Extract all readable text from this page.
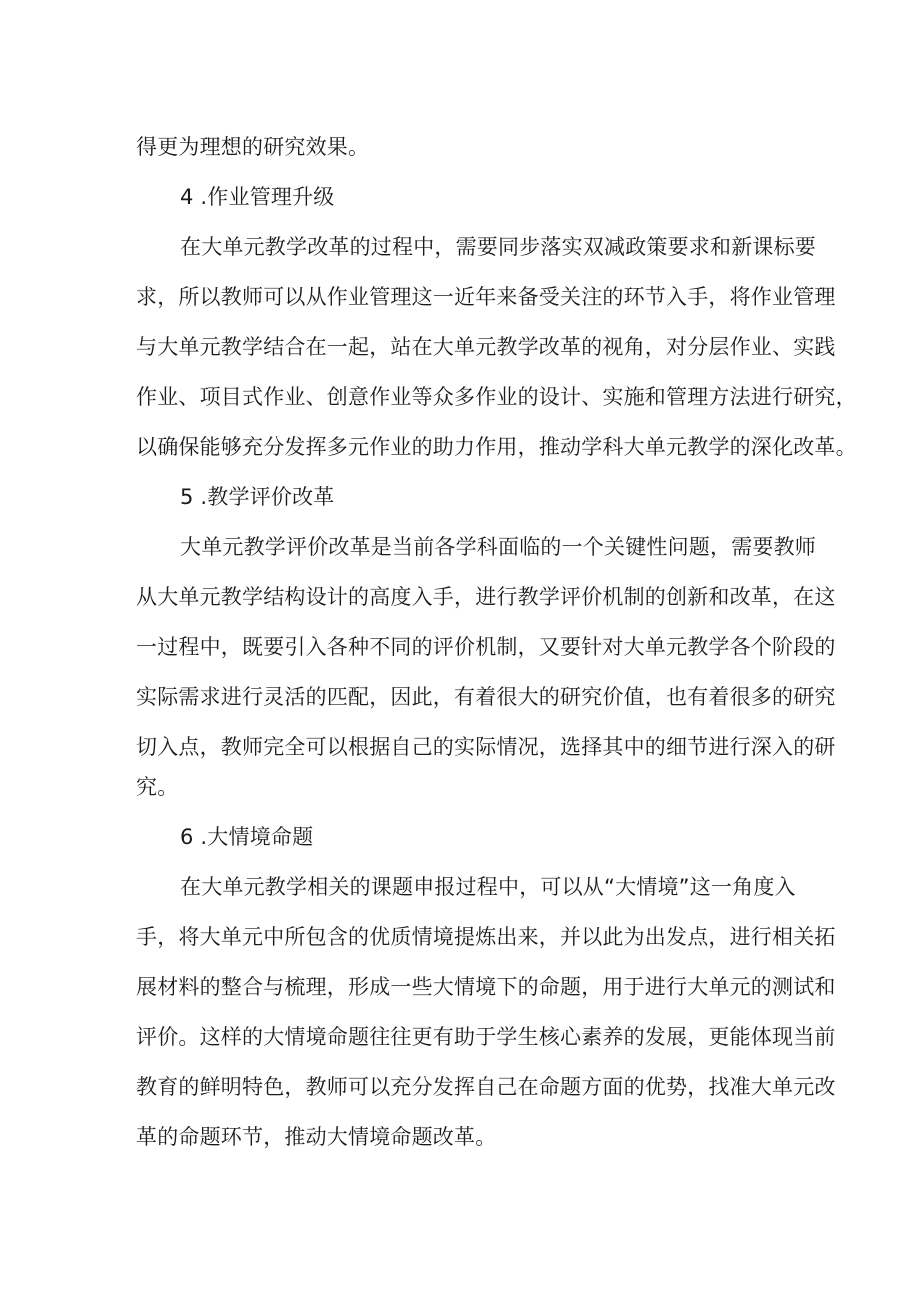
得更为理想的研究效果。
4 .作业管理升级
在大单元教学改革的过程中，需要同步落实双减政策要求和新课标要
求，所以教师可以从作业管理这一近年来备受关注的环节入手，将作业管理
与大单元教学结合在一起，站在大单元教学改革的视角，对分层作业、实践
作业、项目式作业、创意作业等众多作业的设计、实施和管理方法进行研究，
以确保能够充分发挥多元作业的助力作用，推动学科大单元教学的深化改革。
5 .教学评价改革
大单元教学评价改革是当前各学科面临的一个关键性问题，需要教师
从大单元教学结构设计的高度入手，进行教学评价机制的创新和改革，在这
一过程中，既要引入各种不同的评价机制，又要针对大单元教学各个阶段的
实际需求进行灵活的匹配，因此，有着很大的研究价值，也有着很多的研究
切入点，教师完全可以根据自己的实际情况，选择其中的细节进行深入的研
究。
6 .大情境命题
在大单元教学相关的课题申报过程中，可以从“大情境”这一角度入
手，将大单元中所包含的优质情境提炼出来，并以此为出发点，进行相关拓
展材料的整合与梳理，形成一些大情境下的命题，用于进行大单元的测试和
评价。这样的大情境命题往往更有助于学生核心素养的发展，更能体现当前
教育的鲜明特色，教师可以充分发挥自己在命题方面的优势，找准大单元改
革的命题环节，推动大情境命题改革。
